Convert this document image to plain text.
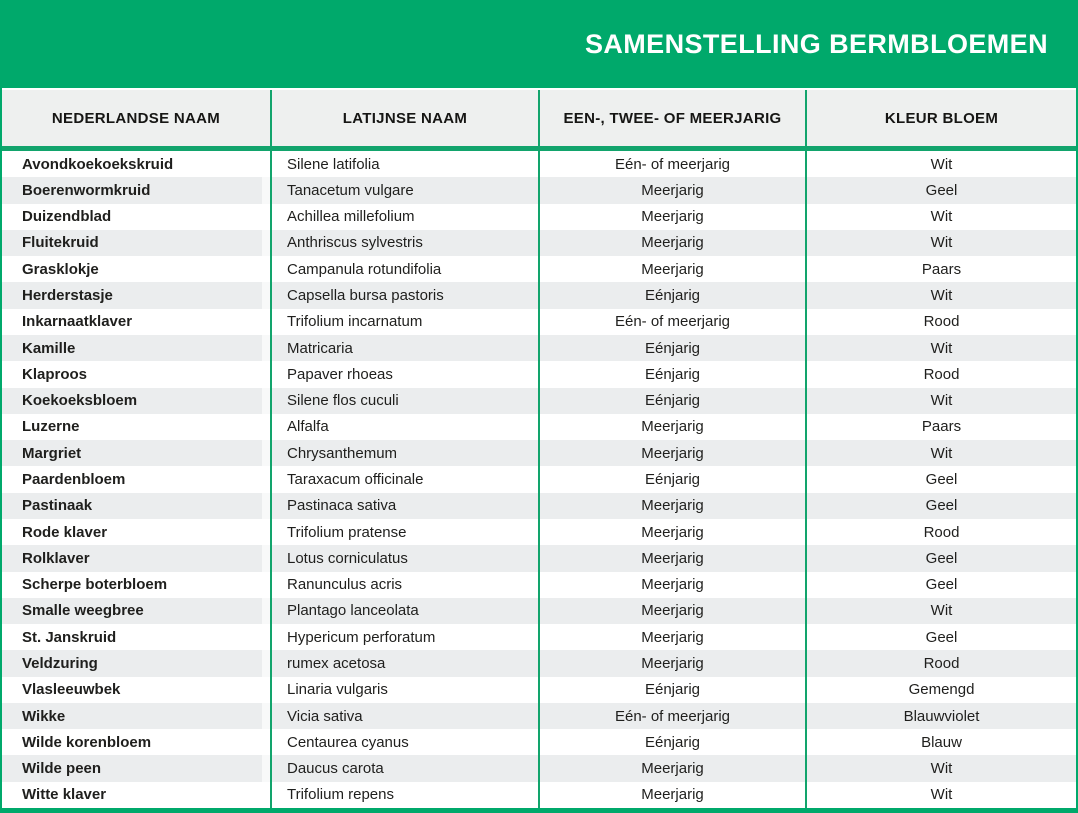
SAMENSTELLING BERMBLOEMEN
NEDERLANDSE NAAM	LATIJNSE NAAM	EEN-, TWEE- OF MEERJARIG	KLEUR BLOEM
Avondkoekoekskruid	Silene latifolia	Eén- of meerjarig	Wit
Boerenwormkruid	Tanacetum vulgare	Meerjarig	Geel
Duizendblad	Achillea millefolium	Meerjarig	Wit
Fluitekruid	Anthriscus sylvestris	Meerjarig	Wit
Grasklokje	Campanula rotundifolia	Meerjarig	Paars
Herderstasje	Capsella bursa pastoris	Eénjarig	Wit
Inkarnaatklaver	Trifolium incarnatum	Eén- of meerjarig	Rood
Kamille	Matricaria	Eénjarig	Wit
Klaproos	Papaver rhoeas	Eénjarig	Rood
Koekoeksbloem	Silene flos cuculi	Eénjarig	Wit
Luzerne	Alfalfa	Meerjarig	Paars
Margriet	Chrysanthemum	Meerjarig	Wit
Paardenbloem	Taraxacum officinale	Eénjarig	Geel
Pastinaak	Pastinaca sativa	Meerjarig	Geel
Rode klaver	Trifolium pratense	Meerjarig	Rood
Rolklaver	Lotus corniculatus	Meerjarig	Geel
Scherpe boterbloem	Ranunculus acris	Meerjarig	Geel
Smalle weegbree	Plantago lanceolata	Meerjarig	Wit
St. Janskruid	Hypericum perforatum	Meerjarig	Geel
Veldzuring	rumex acetosa	Meerjarig	Rood
Vlasleeuwbek	Linaria vulgaris	Eénjarig	Gemengd
Wikke	Vicia sativa	Eén- of meerjarig	Blauwviolet
Wilde korenbloem	Centaurea cyanus	Eénjarig	Blauw
Wilde peen	Daucus carota	Meerjarig	Wit
Witte klaver	Trifolium repens	Meerjarig	Wit
